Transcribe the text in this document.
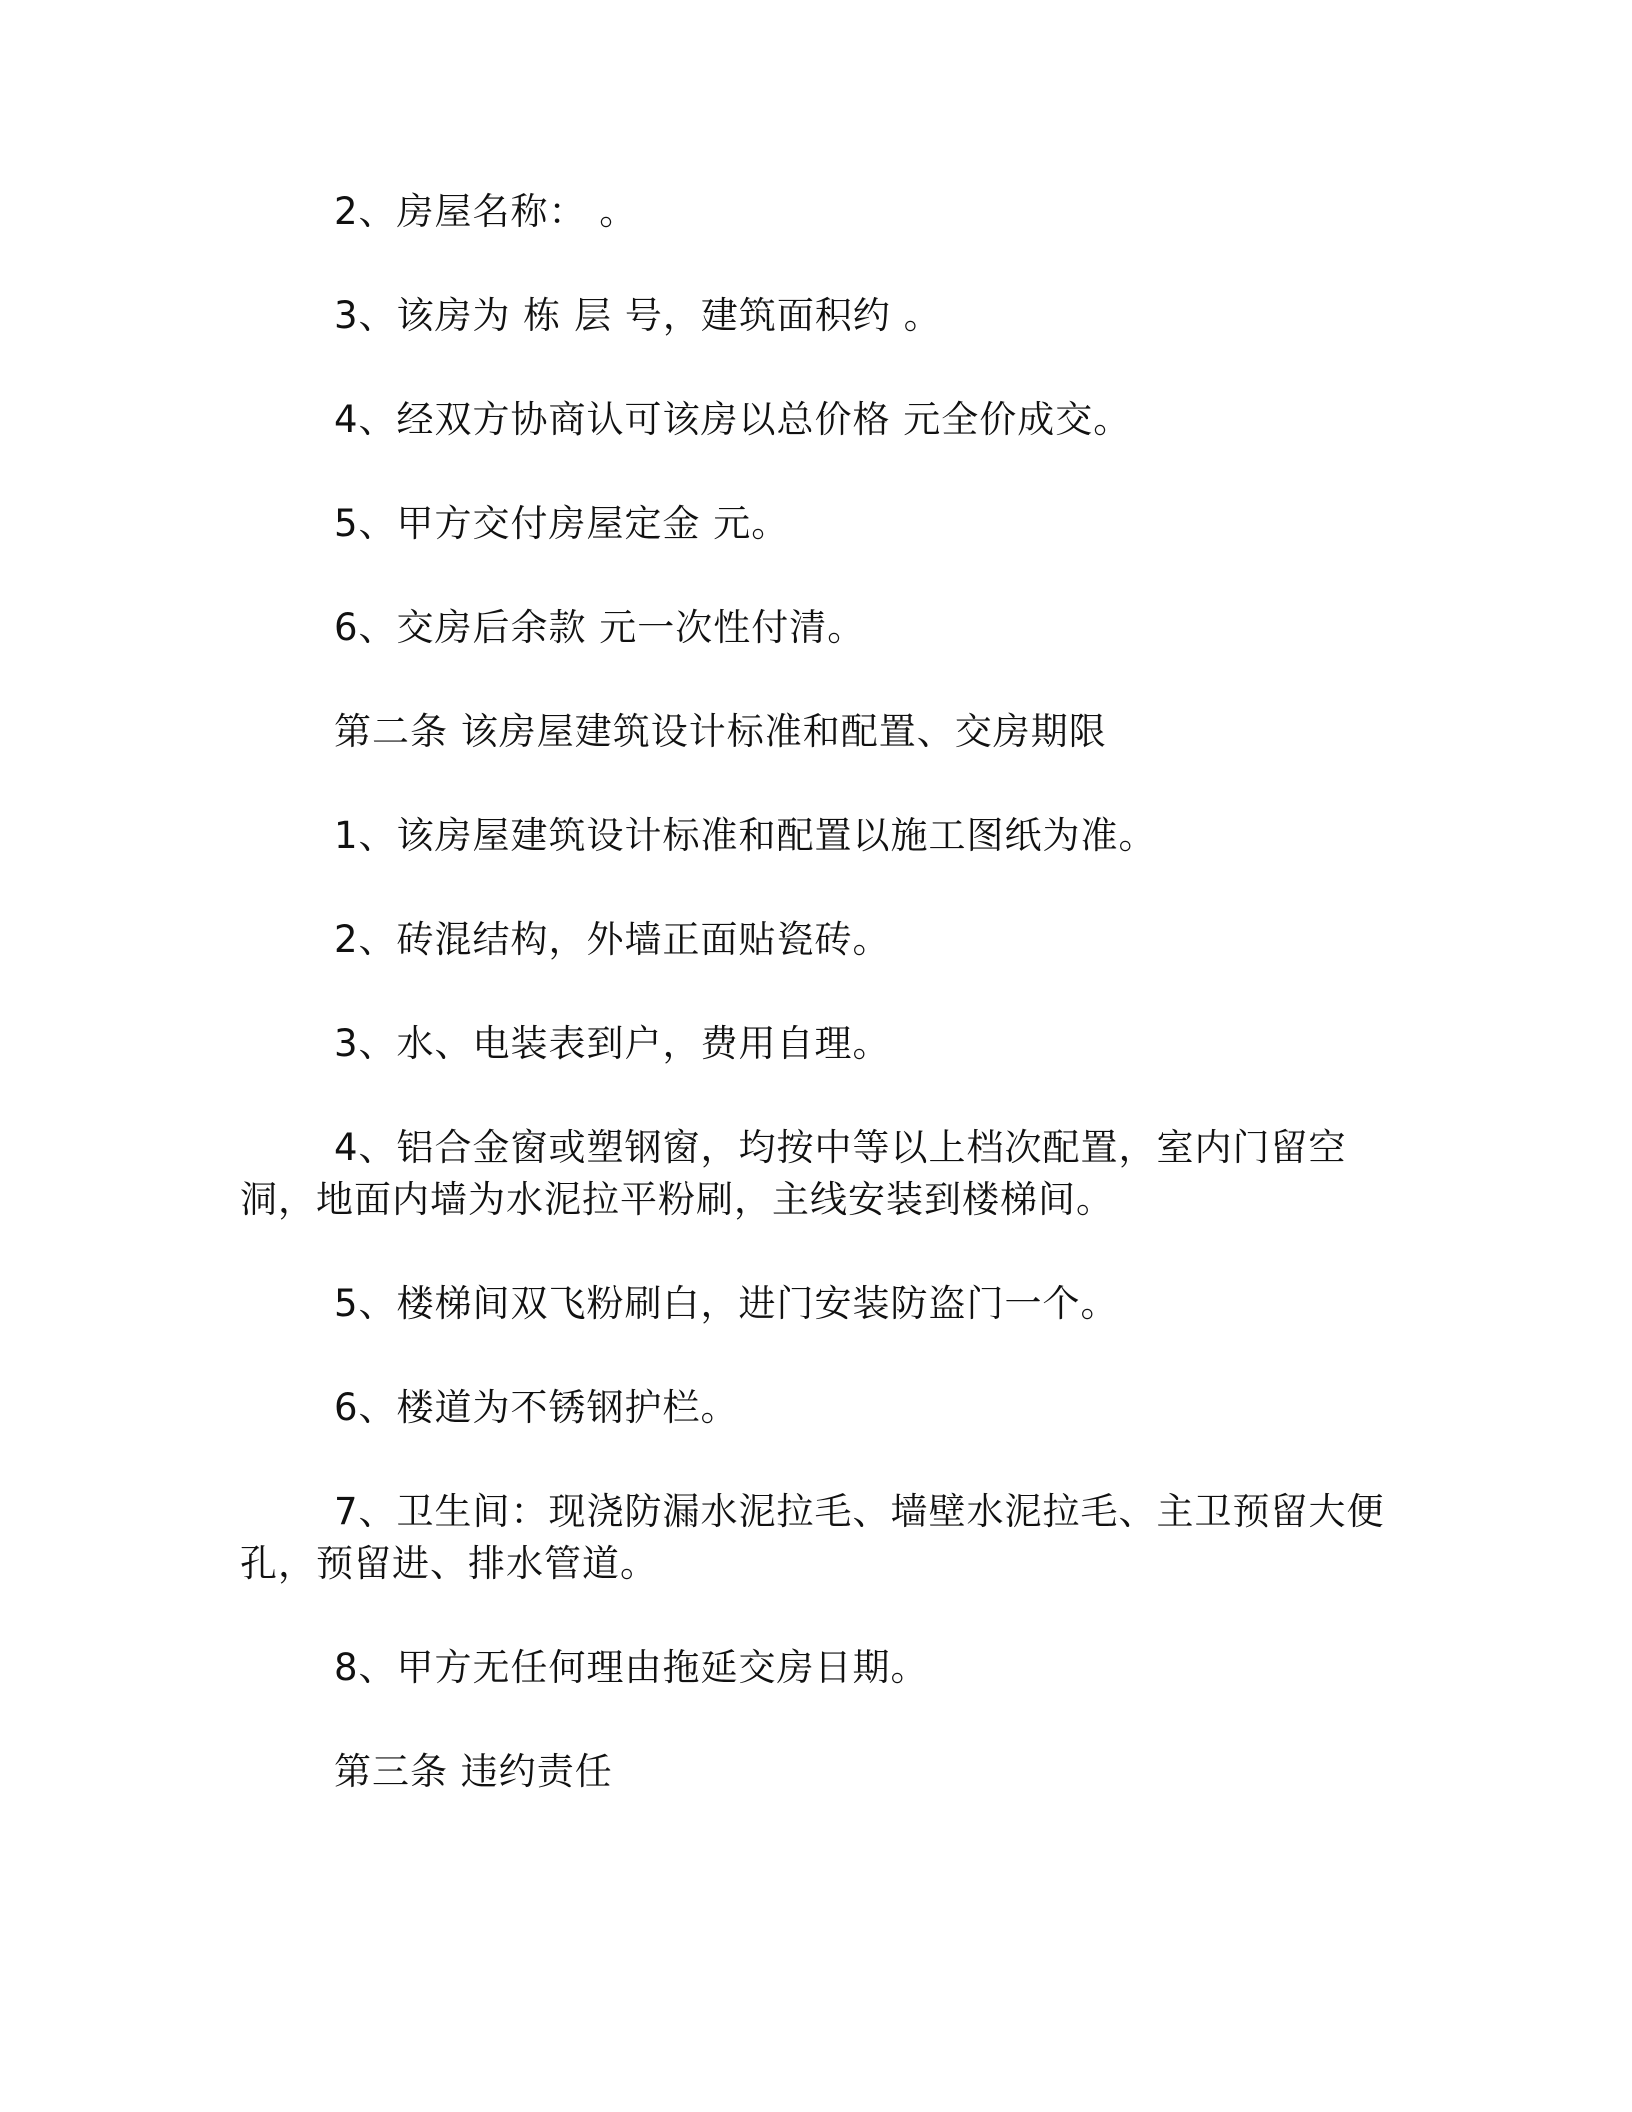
2、房屋名称： 。

3、该房为 栋 层 号，建筑面积约 。

4、经双方协商认可该房以总价格 元全价成交。

5、甲方交付房屋定金 元。

6、交房后余款 元一次性付清。

第二条 该房屋建筑设计标准和配置、交房期限

1、该房屋建筑设计标准和配置以施工图纸为准。

2、砖混结构，外墙正面贴瓷砖。

3、水、电装表到户，费用自理。

4、铝合金窗或塑钢窗，均按中等以上档次配置，室内门留空洞，地面内墙为水泥拉平粉刷，主线安装到楼梯间。

5、楼梯间双飞粉刷白，进门安装防盗门一个。

6、楼道为不锈钢护栏。

7、卫生间：现浇防漏水泥拉毛、墙壁水泥拉毛、主卫预留大便孔，预留进、排水管道。

8、甲方无任何理由拖延交房日期。

第三条 违约责任
